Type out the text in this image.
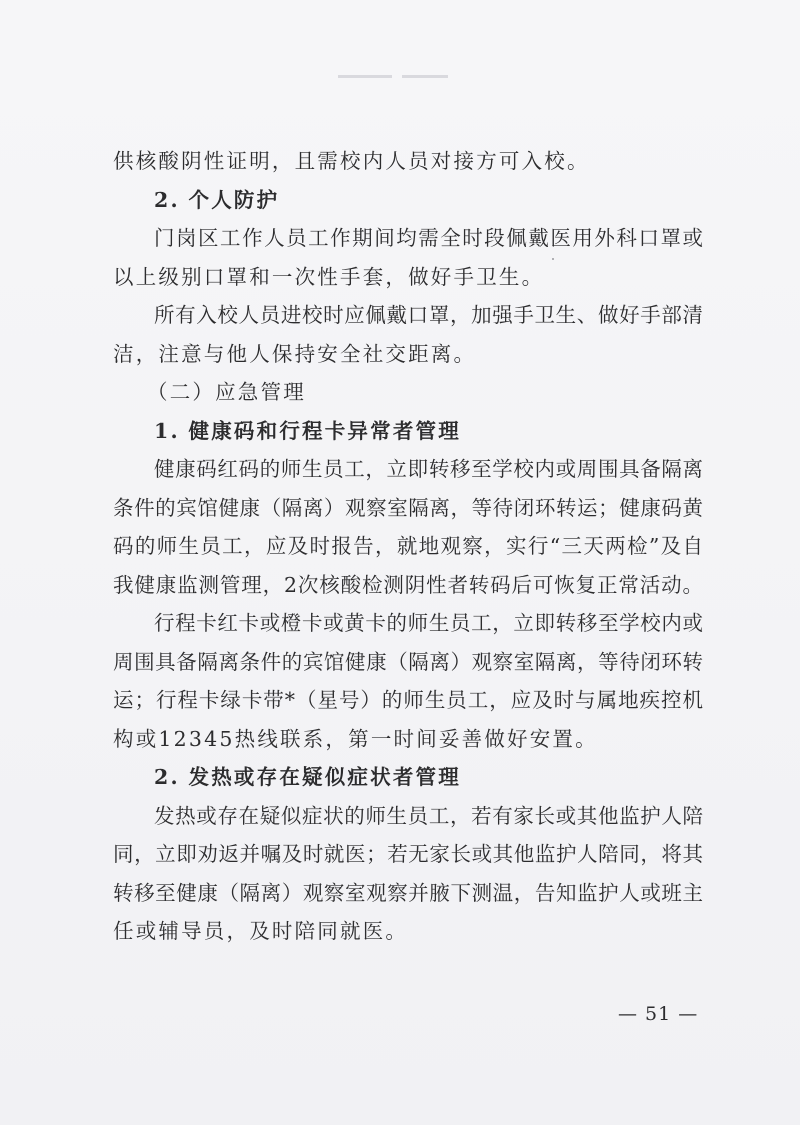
供核酸阴性证明，且需校内人员对接方可入校。
2. 个人防护
门岗区工作人员工作期间均需全时段佩戴医用外科口罩或
以上级别口罩和一次性手套，做好手卫生。
所有入校人员进校时应佩戴口罩，加强手卫生、做好手部清
洁，注意与他人保持安全社交距离。
（二）应急管理
1. 健康码和行程卡异常者管理
健康码红码的师生员工，立即转移至学校内或周围具备隔离
条件的宾馆健康（隔离）观察室隔离，等待闭环转运；健康码黄
码的师生员工，应及时报告，就地观察，实行“三天两检”及自
我健康监测管理，2次核酸检测阴性者转码后可恢复正常活动。
行程卡红卡或橙卡或黄卡的师生员工，立即转移至学校内或
周围具备隔离条件的宾馆健康（隔离）观察室隔离，等待闭环转
运；行程卡绿卡带*（星号）的师生员工，应及时与属地疾控机
构或12345热线联系，第一时间妥善做好安置。
2. 发热或存在疑似症状者管理
发热或存在疑似症状的师生员工，若有家长或其他监护人陪
同，立即劝返并嘱及时就医；若无家长或其他监护人陪同，将其
转移至健康（隔离）观察室观察并腋下测温，告知监护人或班主
任或辅导员，及时陪同就医。
— 51 —
